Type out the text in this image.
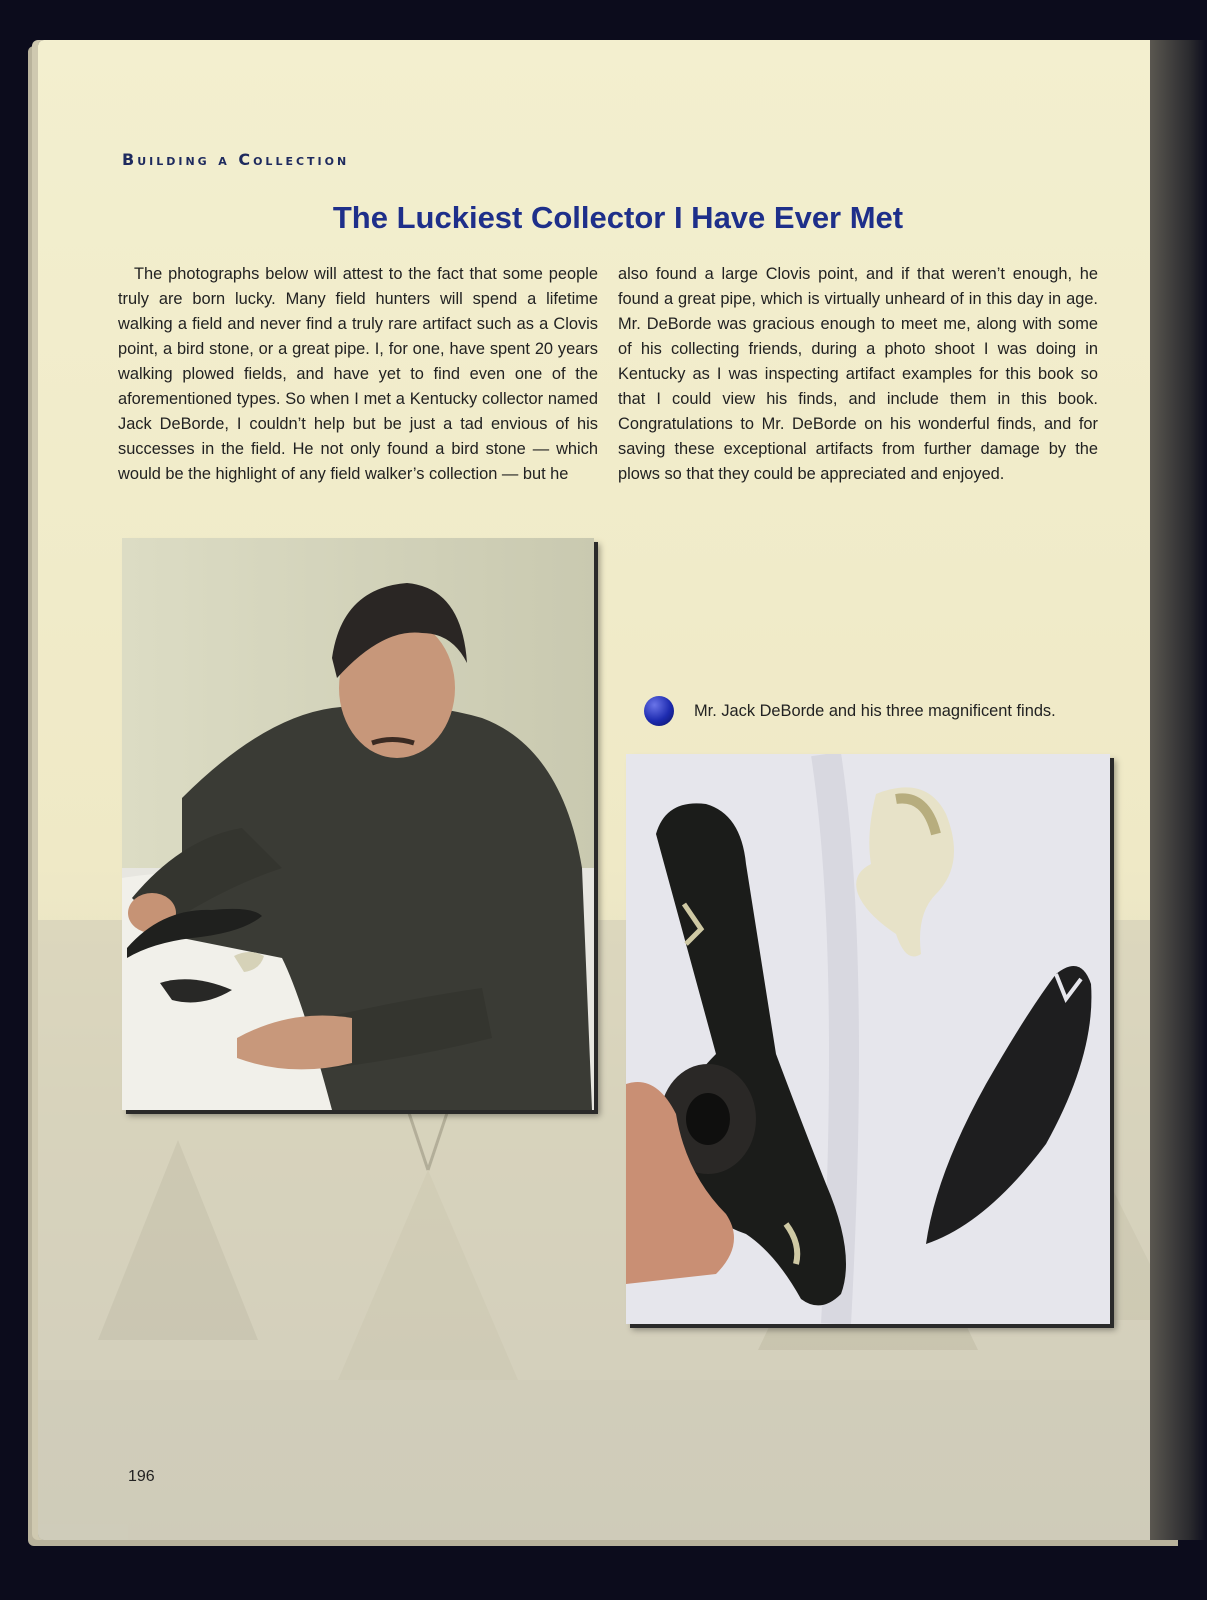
Building a Collection
The Luckiest Collector I Have Ever Met

The photographs below will attest to the fact that some people truly are born lucky. Many field hunters will spend a lifetime walking a field and never find a truly rare artifact such as a Clovis point, a bird stone, or a great pipe. I, for one, have spent 20 years walking plowed fields, and have yet to find even one of the aforementioned types. So when I met a Kentucky collector named Jack DeBorde, I couldn’t help but be just a tad envious of his successes in the field. He not only found a bird stone — which would be the highlight of any field walker’s collection — but he

also found a large Clovis point, and if that weren’t enough, he found a great pipe, which is virtually unheard of in this day in age. Mr. DeBorde was gracious enough to meet me, along with some of his collecting friends, during a photo shoot I was doing in Kentucky as I was inspecting artifact examples for this book so that I could view his finds, and include them in this book. Congratulations to Mr. DeBorde on his wonderful finds, and for saving these exceptional artifacts from further damage by the plows so that they could be appreciated and enjoyed.

Mr. Jack DeBorde and his three magnificent finds.
196
